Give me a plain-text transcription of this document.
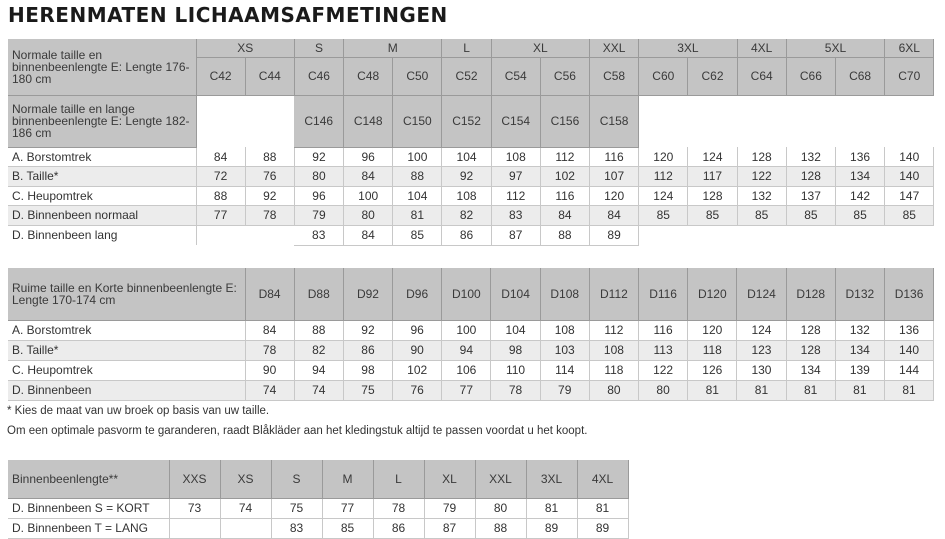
HERENMATEN LICHAAMSAFMETINGEN
Normale taille en binnenbeenlengte E: Lengte 176-180 cm	XS		S	M		L	XL		XXL	3XL		4XL	5XL		6XL
	C42	C44	C46	C48	C50	C52	C54	C56	C58	C60	C62	C64	C66	C68	C70
Normale taille en lange binnenbeenlengte E: Lengte 182-186 cm			C146	C148	C150	C152	C154	C156	C158						
A. Borstomtrek	84	88	92	96	100	104	108	112	116	120	124	128	132	136	140
B. Taille*	72	76	80	84	88	92	97	102	107	112	117	122	128	134	140
C. Heupomtrek	88	92	96	100	104	108	112	116	120	124	128	132	137	142	147
D. Binnenbeen normaal	77	78	79	80	81	82	83	84	84	85	85	85	85	85	85
D. Binnenbeen lang			83	84	85	86	87	88	89						
Ruime taille en Korte binnenbeenlengte E: Lengte 170-174 cm	D84	D88	D92	D96	D100	D104	D108	D112	D116	D120	D124	D128	D132	D136
A. Borstomtrek	84	88	92	96	100	104	108	112	116	120	124	128	132	136
B. Taille*	78	82	86	90	94	98	103	108	113	118	123	128	134	140
C. Heupomtrek	90	94	98	102	106	110	114	118	122	126	130	134	139	144
D. Binnenbeen	74	74	75	76	77	78	79	80	80	81	81	81	81	81
* Kies de maat van uw broek op basis van uw taille.
Om een optimale pasvorm te garanderen, raadt Blåkläder aan het kledingstuk altijd te passen voordat u het koopt.
Binnenbeenlengte**	XXS	XS	S	M	L	XL	XXL	3XL	4XL
D. Binnenbeen S = KORT	73	74	75	77	78	79	80	81	81
D. Binnenbeen T = LANG			83	85	86	87	88	89	89
